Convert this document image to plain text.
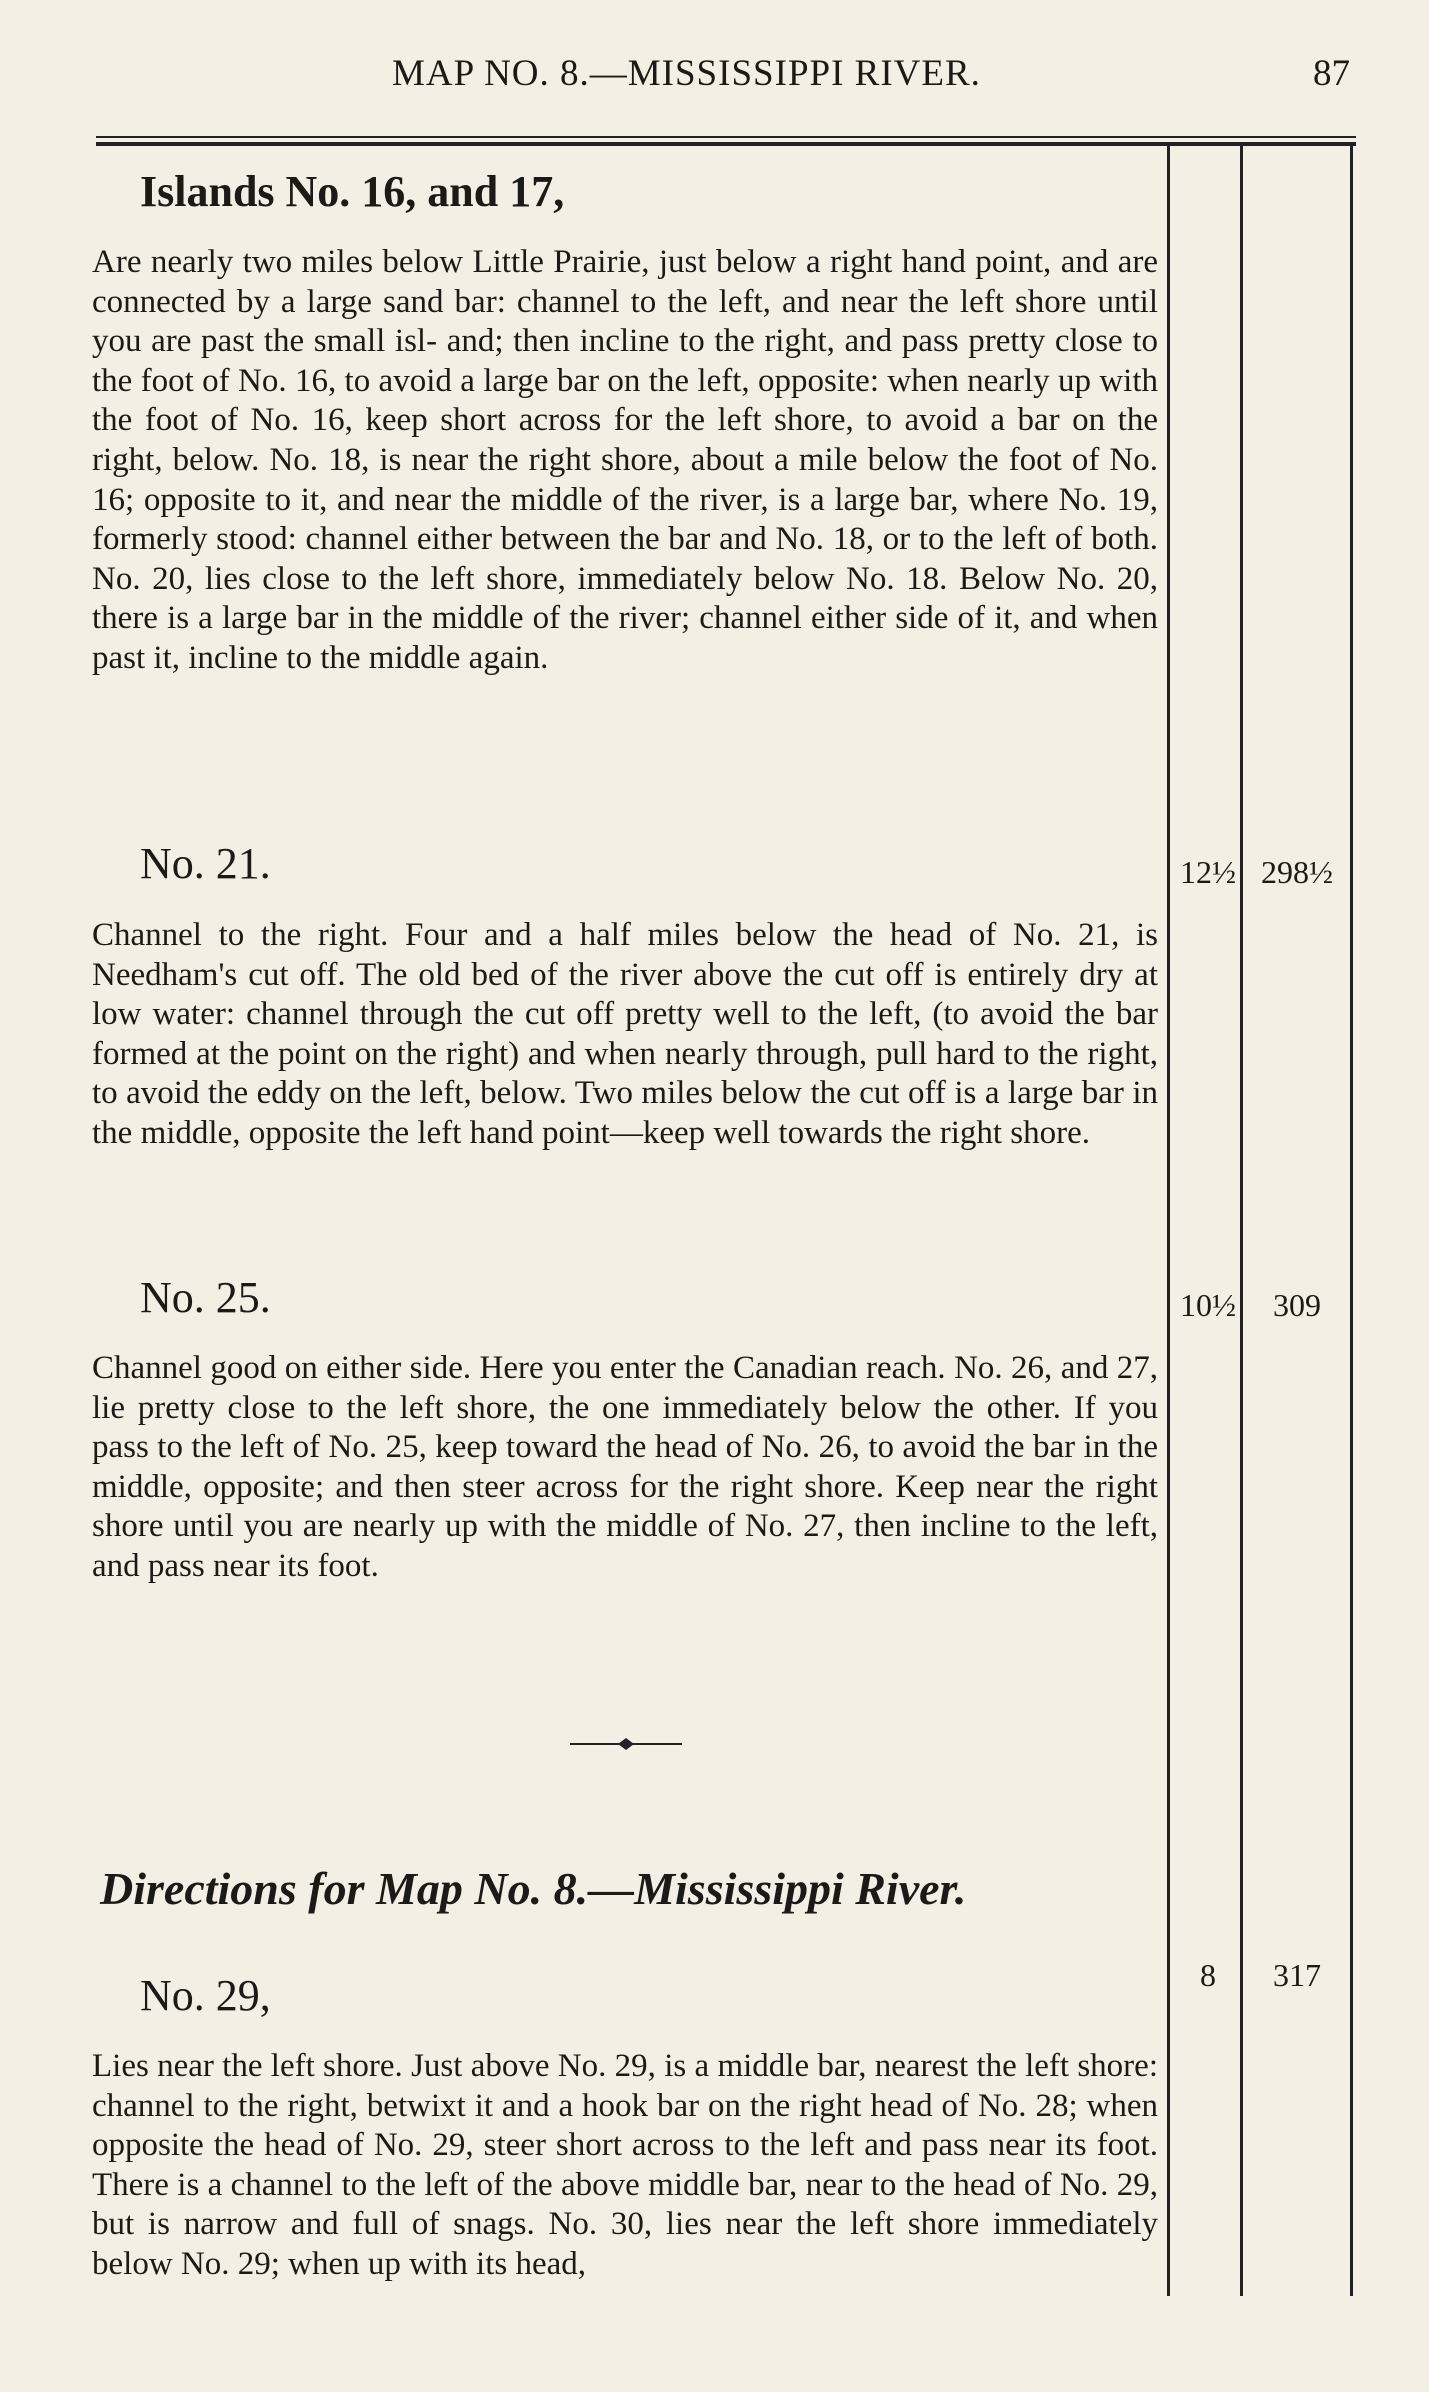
MAP NO. 8.—MISSISSIPPI RIVER.	87
Islands No. 16, and 17,
Are nearly two miles below Little Prairie, just below a right hand point, and are connected by a large sand bar: channel to the left, and near the left shore until you are past the small isl- and; then incline to the right, and pass pretty close to the foot of No. 16, to avoid a large bar on the left, opposite: when nearly up with the foot of No. 16, keep short across for the left shore, to avoid a bar on the right, below. No. 18, is near the right shore, about a mile below the foot of No. 16; opposite to it, and near the middle of the river, is a large bar, where No. 19, formerly stood: channel either between the bar and No. 18, or to the left of both. No. 20, lies close to the left shore, immediately below No. 18. Below No. 20, there is a large bar in the middle of the river; channel either side of it, and when past it, incline to the middle again.
No. 21.	12½ 298½
Channel to the right. Four and a half miles below the head of No. 21, is Needham's cut off. The old bed of the river above the cut off is entirely dry at low water: channel through the cut off pretty well to the left, (to avoid the bar formed at the point on the right) and when nearly through, pull hard to the right, to avoid the eddy on the left, below. Two miles below the cut off is a large bar in the middle, opposite the left hand point—keep well towards the right shore.
No. 25.	10½	309
Channel good on either side. Here you enter the Canadian reach. No. 26, and 27, lie pretty close to the left shore, the one immediately below the other. If you pass to the left of No. 25, keep toward the head of No. 26, to avoid the bar in the middle, opposite; and then steer across for the right shore. Keep near the right shore until you are nearly up with the middle of No. 27, then incline to the left, and pass near its foot.
Directions for Map No. 8.—Mississippi River.
No. 29,	8	317
Lies near the left shore. Just above No. 29, is a middle bar, nearest the left shore: channel to the right, betwixt it and a hook bar on the right head of No. 28; when opposite the head of No. 29, steer short across to the left and pass near its foot. There is a channel to the left of the above middle bar, near to the head of No. 29, but is narrow and full of snags. No. 30, lies near the left shore immediately below No. 29; when up with its head,
